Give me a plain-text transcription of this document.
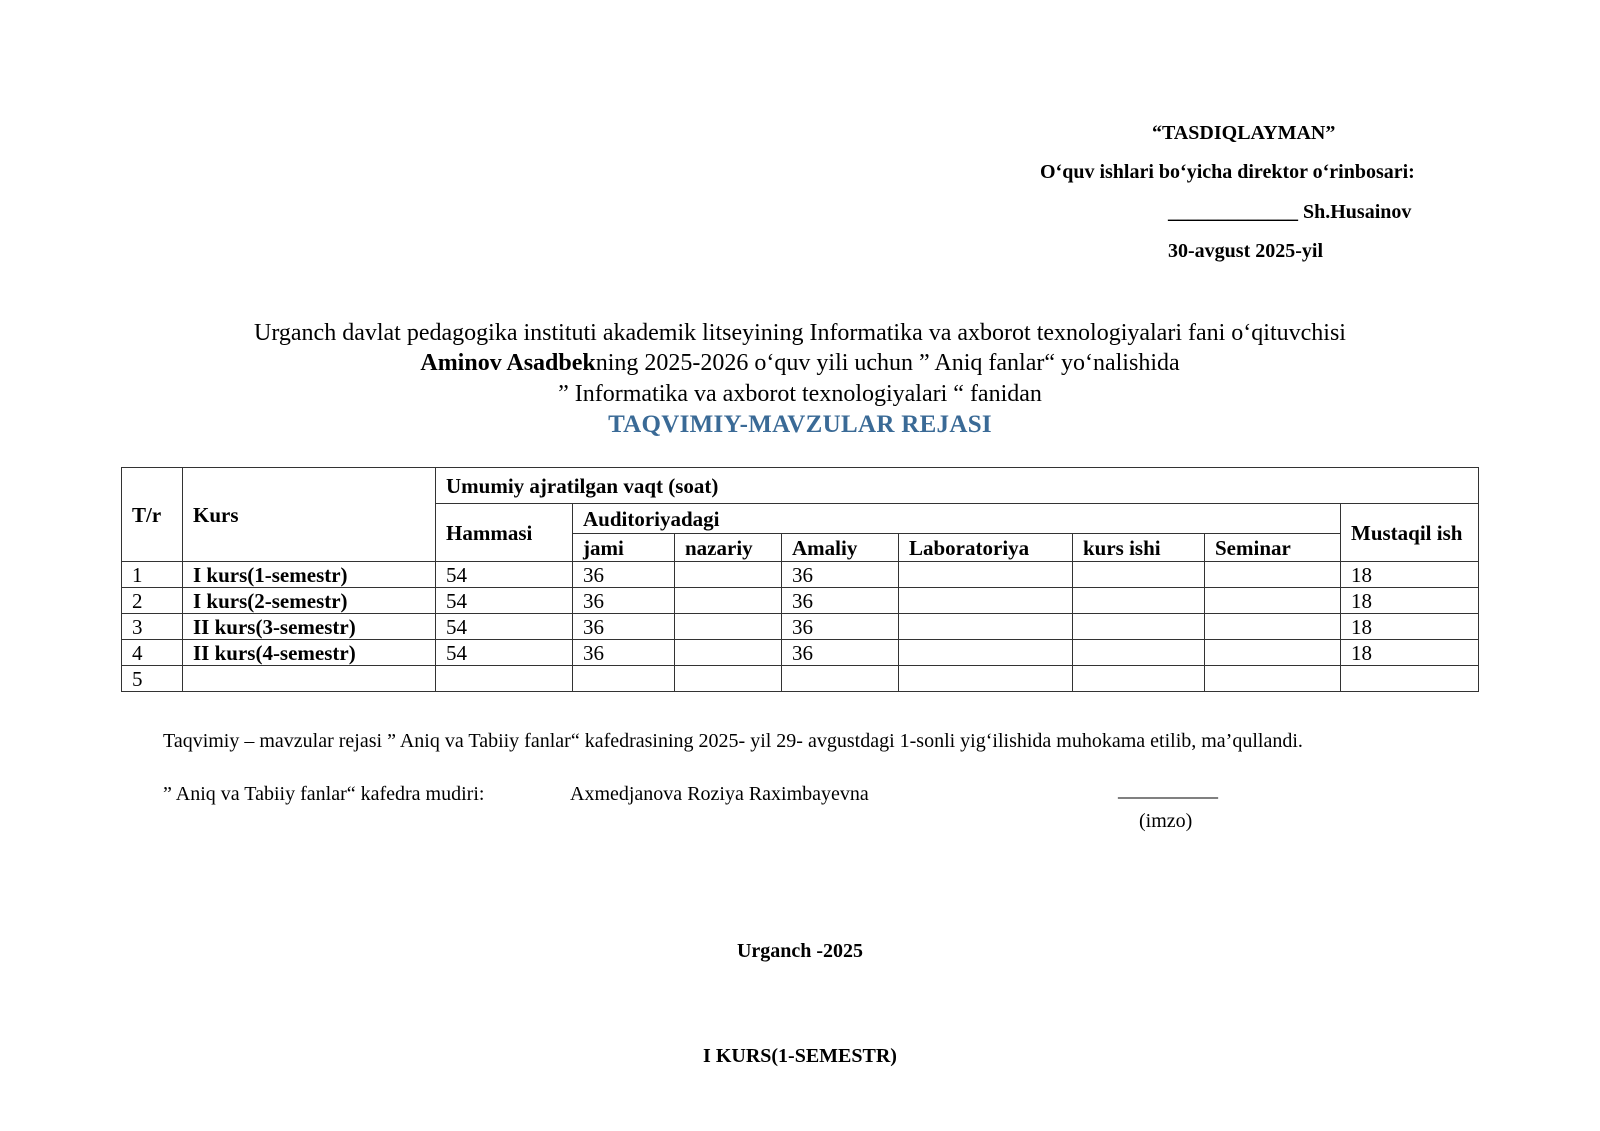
“TASDIQLAYMAN”
O‘quv ishlari bo‘yicha direktor o‘rinbosari:
_____________ Sh.Husainov
30-avgust 2025-yil
Urganch davlat pedagogika instituti akademik litseyining Informatika va axborot texnologiyalari fani o‘qituvchisi
Aminov Asadbekning 2025-2026 o‘quv yili uchun ” Aniq fanlar“ yo‘nalishida
” Informatika va axborot texnologiyalari “ fanidan
TAQVIMIY-MAVZULAR REJASI
T/r	Kurs	Umumiy ajratilgan vaqt (soat)							
		Hammasi	Auditoriyadagi						Mustaqil ish
			jami	nazariy	Amaliy	Laboratoriya	kurs ishi	Seminar	
1	I kurs(1-semestr)	54	36		36				18
2	I kurs(2-semestr)	54	36		36				18
3	II kurs(3-semestr)	54	36		36				18
4	II kurs(4-semestr)	54	36		36				18
5									
Taqvimiy – mavzular rejasi ” Aniq va Tabiiy fanlar“ kafedrasining 2025- yil 29- avgustdagi 1-sonli yig‘ilishida muhokama etilib, ma’qullandi.
” Aniq va Tabiiy fanlar“ kafedra mudiri:	Axmedjanova Roziya Raximbayevna	__________
(imzo)
Urganch -2025
I KURS(1-SEMESTR)
